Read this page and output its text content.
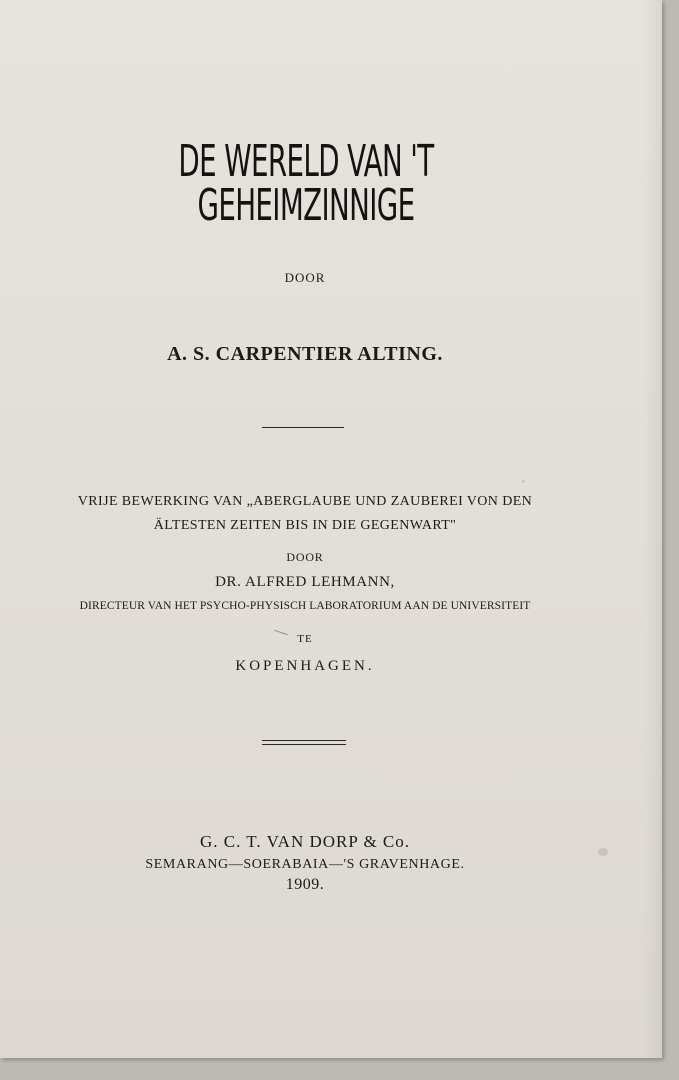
DE WERELD VAN 'T GEHEIMZINNIGE
DOOR
A. S. CARPENTIER ALTING.
VRIJE BEWERKING VAN „ABERGLAUBE UND ZAUBEREI VON DEN
ÄLTESTEN ZEITEN BIS IN DIE GEGENWART"
DOOR
DR. ALFRED LEHMANN,
DIRECTEUR VAN HET PSYCHO-PHYSISCH LABORATORIUM AAN DE UNIVERSITEIT
TE
KOPENHAGEN.
G. C. T. VAN DORP & Co.
SEMARANG—SOERABAIA—'S GRAVENHAGE.
1909.
